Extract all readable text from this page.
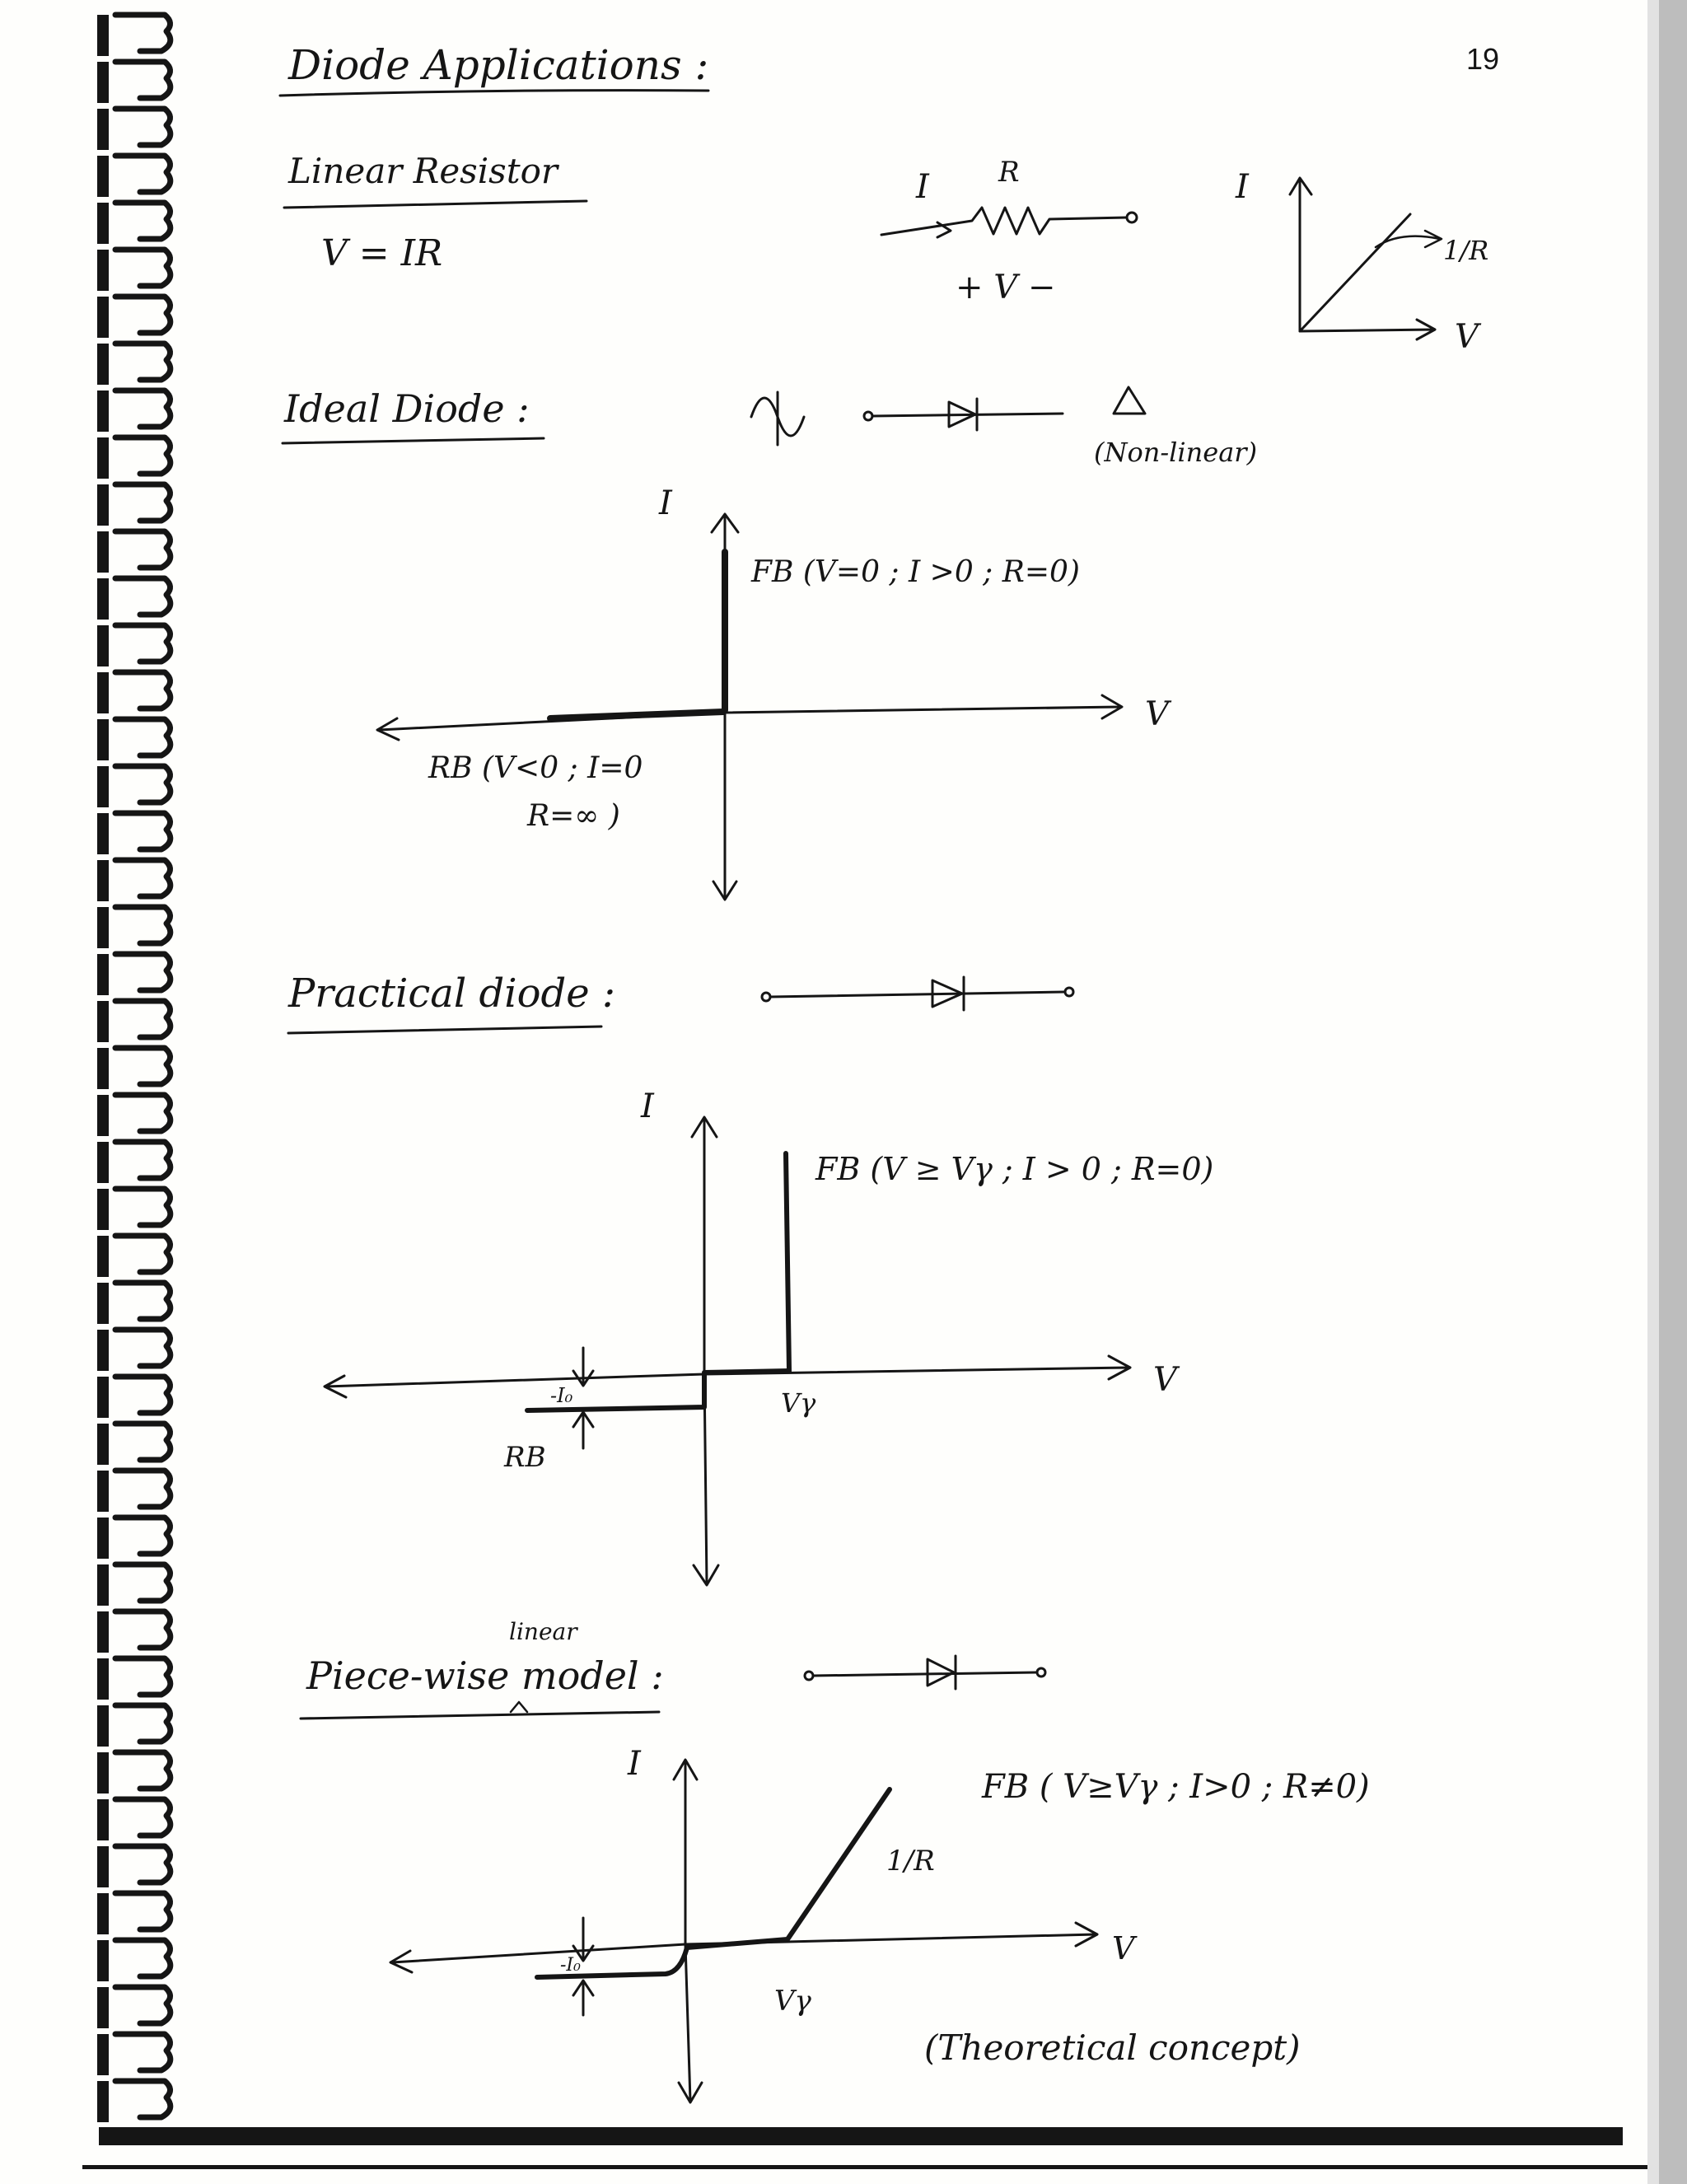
19
Diode Applications :
Linear Resistor
V = IR
I R
+ V −
I
V
1/R
Ideal Diode :
(Non-linear)
I
V
FB (V=0 ; I >0 ; R=0)
RB (V<0 ; I=0
R=∞ )
Practical diode :
I
V
FB (V ≥ Vγ ; I > 0 ; R=0)
RB
-I₀	Vγ
Piece-wise model :
linear
I
V
FB ( V≥Vγ ; I>0 ; R≠0)
1/R
-I₀
Vγ
(Theoretical concept)
